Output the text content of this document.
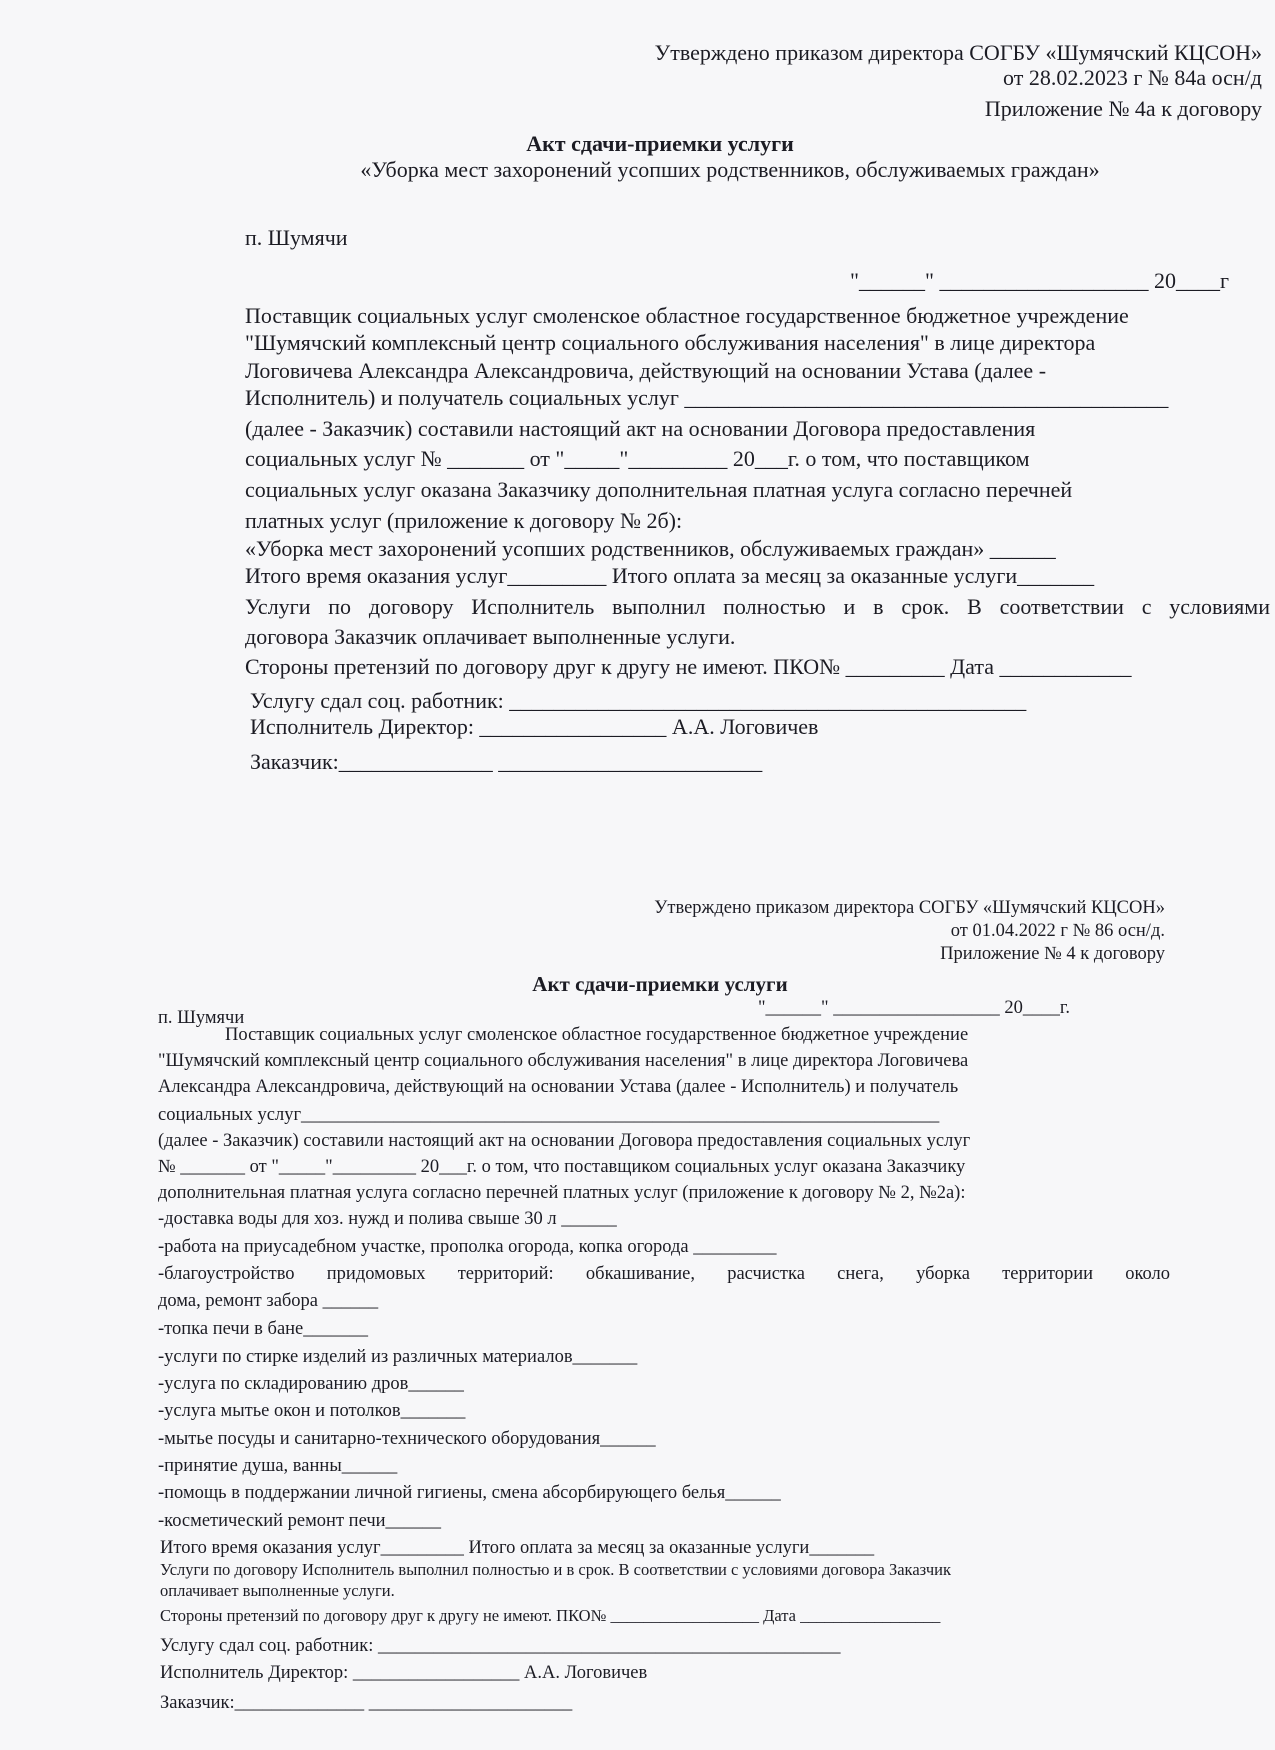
Утверждено приказом директора СОГБУ «Шумячский КЦСОН»
от 28.02.2023 г № 84а осн/д
Приложение № 4а к договору
Акт сдачи-приемки услуги
«Уборка мест захоронений усопших родственников, обслуживаемых граждан»
п. Шумячи
"______" ___________________ 20____г
Поставщик социальных услуг смоленское областное государственное бюджетное учреждение
"Шумячский комплексный центр социального обслуживания населения" в лице директора
Логовичева Александра Александровича, действующий на основании Устава (далее -
Исполнитель) и получатель социальных услуг ____________________________________________
(далее - Заказчик) составили настоящий акт на основании Договора предоставления
социальных услуг № _______ от "_____"_________ 20___г. о том, что поставщиком
социальных услуг оказана Заказчику дополнительная платная услуга согласно перечней
платных услуг (приложение к договору № 2б):
«Уборка мест захоронений усопших родственников, обслуживаемых граждан» ______
Итого время оказания услуг_________ Итого оплата за месяц за оказанные услуги_______
Услуги по договору Исполнитель выполнил полностью и в срок. В соответствии с условиями
договора Заказчик оплачивает выполненные услуги.
Стороны претензий по договору друг к другу не имеют. ПКО№ _________ Дата ____________
Услугу сдал соц. работник: _______________________________________________
Исполнитель Директор: _________________ А.А. Логовичев
Заказчик:______________ ________________________
Утверждено приказом директора СОГБУ «Шумячский КЦСОН»
от 01.04.2022 г № 86 осн/д.
Приложение № 4 к договору
Акт сдачи-приемки услуги
п. Шумячи	"______" __________________ 20____г.
Поставщик социальных услуг смоленское областное государственное бюджетное учреждение
"Шумячский комплексный центр социального обслуживания населения" в лице директора Логовичева
Александра Александровича, действующий на основании Устава (далее - Исполнитель) и получатель
социальных услуг_____________________________________________________________________
(далее - Заказчик) составили настоящий акт на основании Договора предоставления социальных услуг
№ _______ от "_____"_________ 20___г. о том, что поставщиком социальных услуг оказана Заказчику
дополнительная платная услуга согласно перечней платных услуг (приложение к договору № 2, №2а):
-доставка воды для хоз. нужд и полива свыше 30 л ______
-работа на приусадебном участке, прополка огорода, копка огорода _________
-благоустройство придомовых территорий: обкашивание, расчистка снега, уборка территории около
дома, ремонт забора ______
-топка печи в бане_______
-услуги по стирке изделий из различных материалов_______
-услуга по складированию дров______
-услуга мытье окон и потолков_______
-мытье посуды и санитарно-технического оборудования______
-принятие душа, ванны______
-помощь в поддержании личной гигиены, смена абсорбирующего белья______
-косметический ремонт печи______
Итого время оказания услуг_________ Итого оплата за месяц за оказанные услуги_______
Услуги по договору Исполнитель выполнил полностью и в срок. В соответствии с условиями договора Заказчик
оплачивает выполненные услуги.
Стороны претензий по договору друг к другу не имеют. ПКО№ __________________ Дата _________________
Услугу сдал соц. работник: __________________________________________________
Исполнитель Директор: __________________ А.А. Логовичев
Заказчик:______________ ______________________
